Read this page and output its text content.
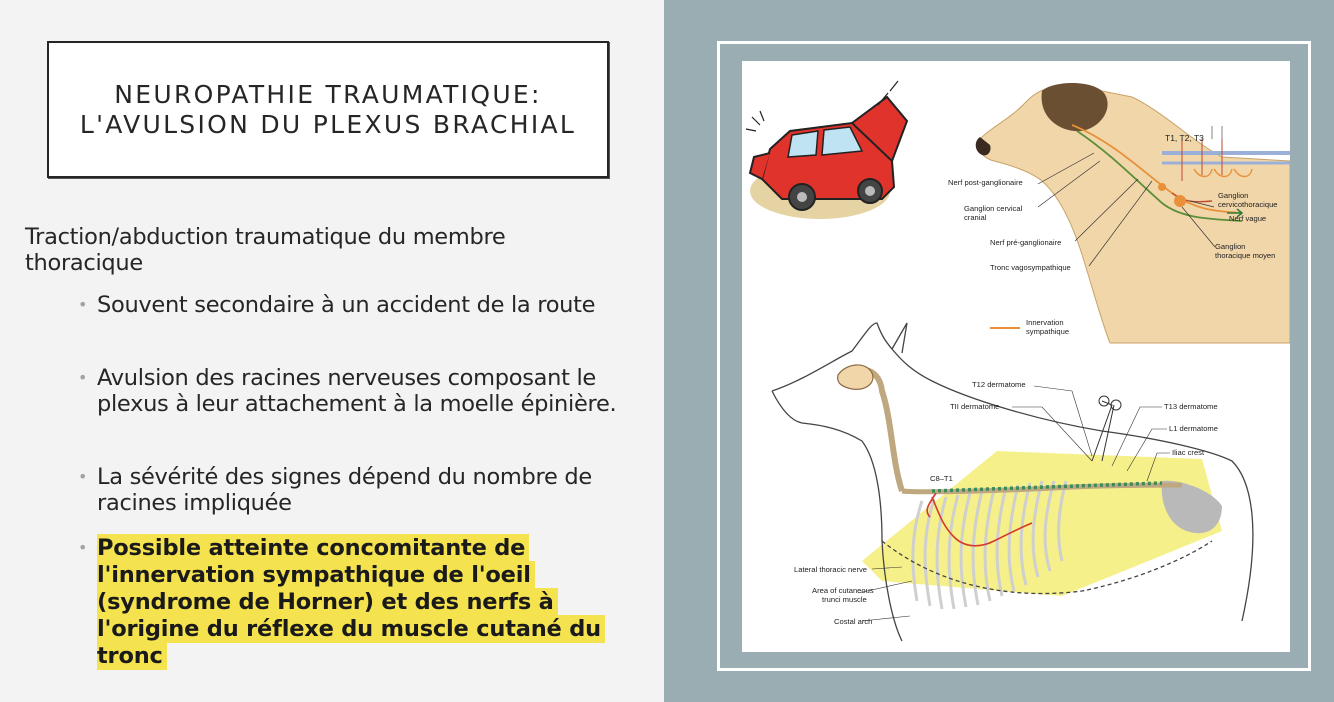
NEUROPATHIE TRAUMATIQUE: L'AVULSION DU PLEXUS BRACHIAL
Traction/abduction traumatique du membre thoracique
• Souvent secondaire à un accident de la route
• Avulsion des racines nerveuses composant le plexus à leur attachement à la moelle épinière.
• La sévérité des signes dépend du nombre de racines impliquée
• Possible atteinte concomitante de l'innervation sympathique de l'oeil (syndrome de Horner) et des nerfs à l'origine du réflexe du muscle cutané du tronc
T1, T2, T3
Nerf post-ganglionaire
Ganglion cervical
cranial
Nerf pré-ganglionaire
Tronc vagosympathique
Ganglion
cervicothoracique
Nerf vague
Ganglion
thoracique moyen
Innervation
sympathique
T12 dermatome
TII dermatome	T13 dermatome
L1 dermatome
Iliac crest
C8–T1
Lateral thoracic nerve
Area of cutaneous
trunci muscle
Costal arch
